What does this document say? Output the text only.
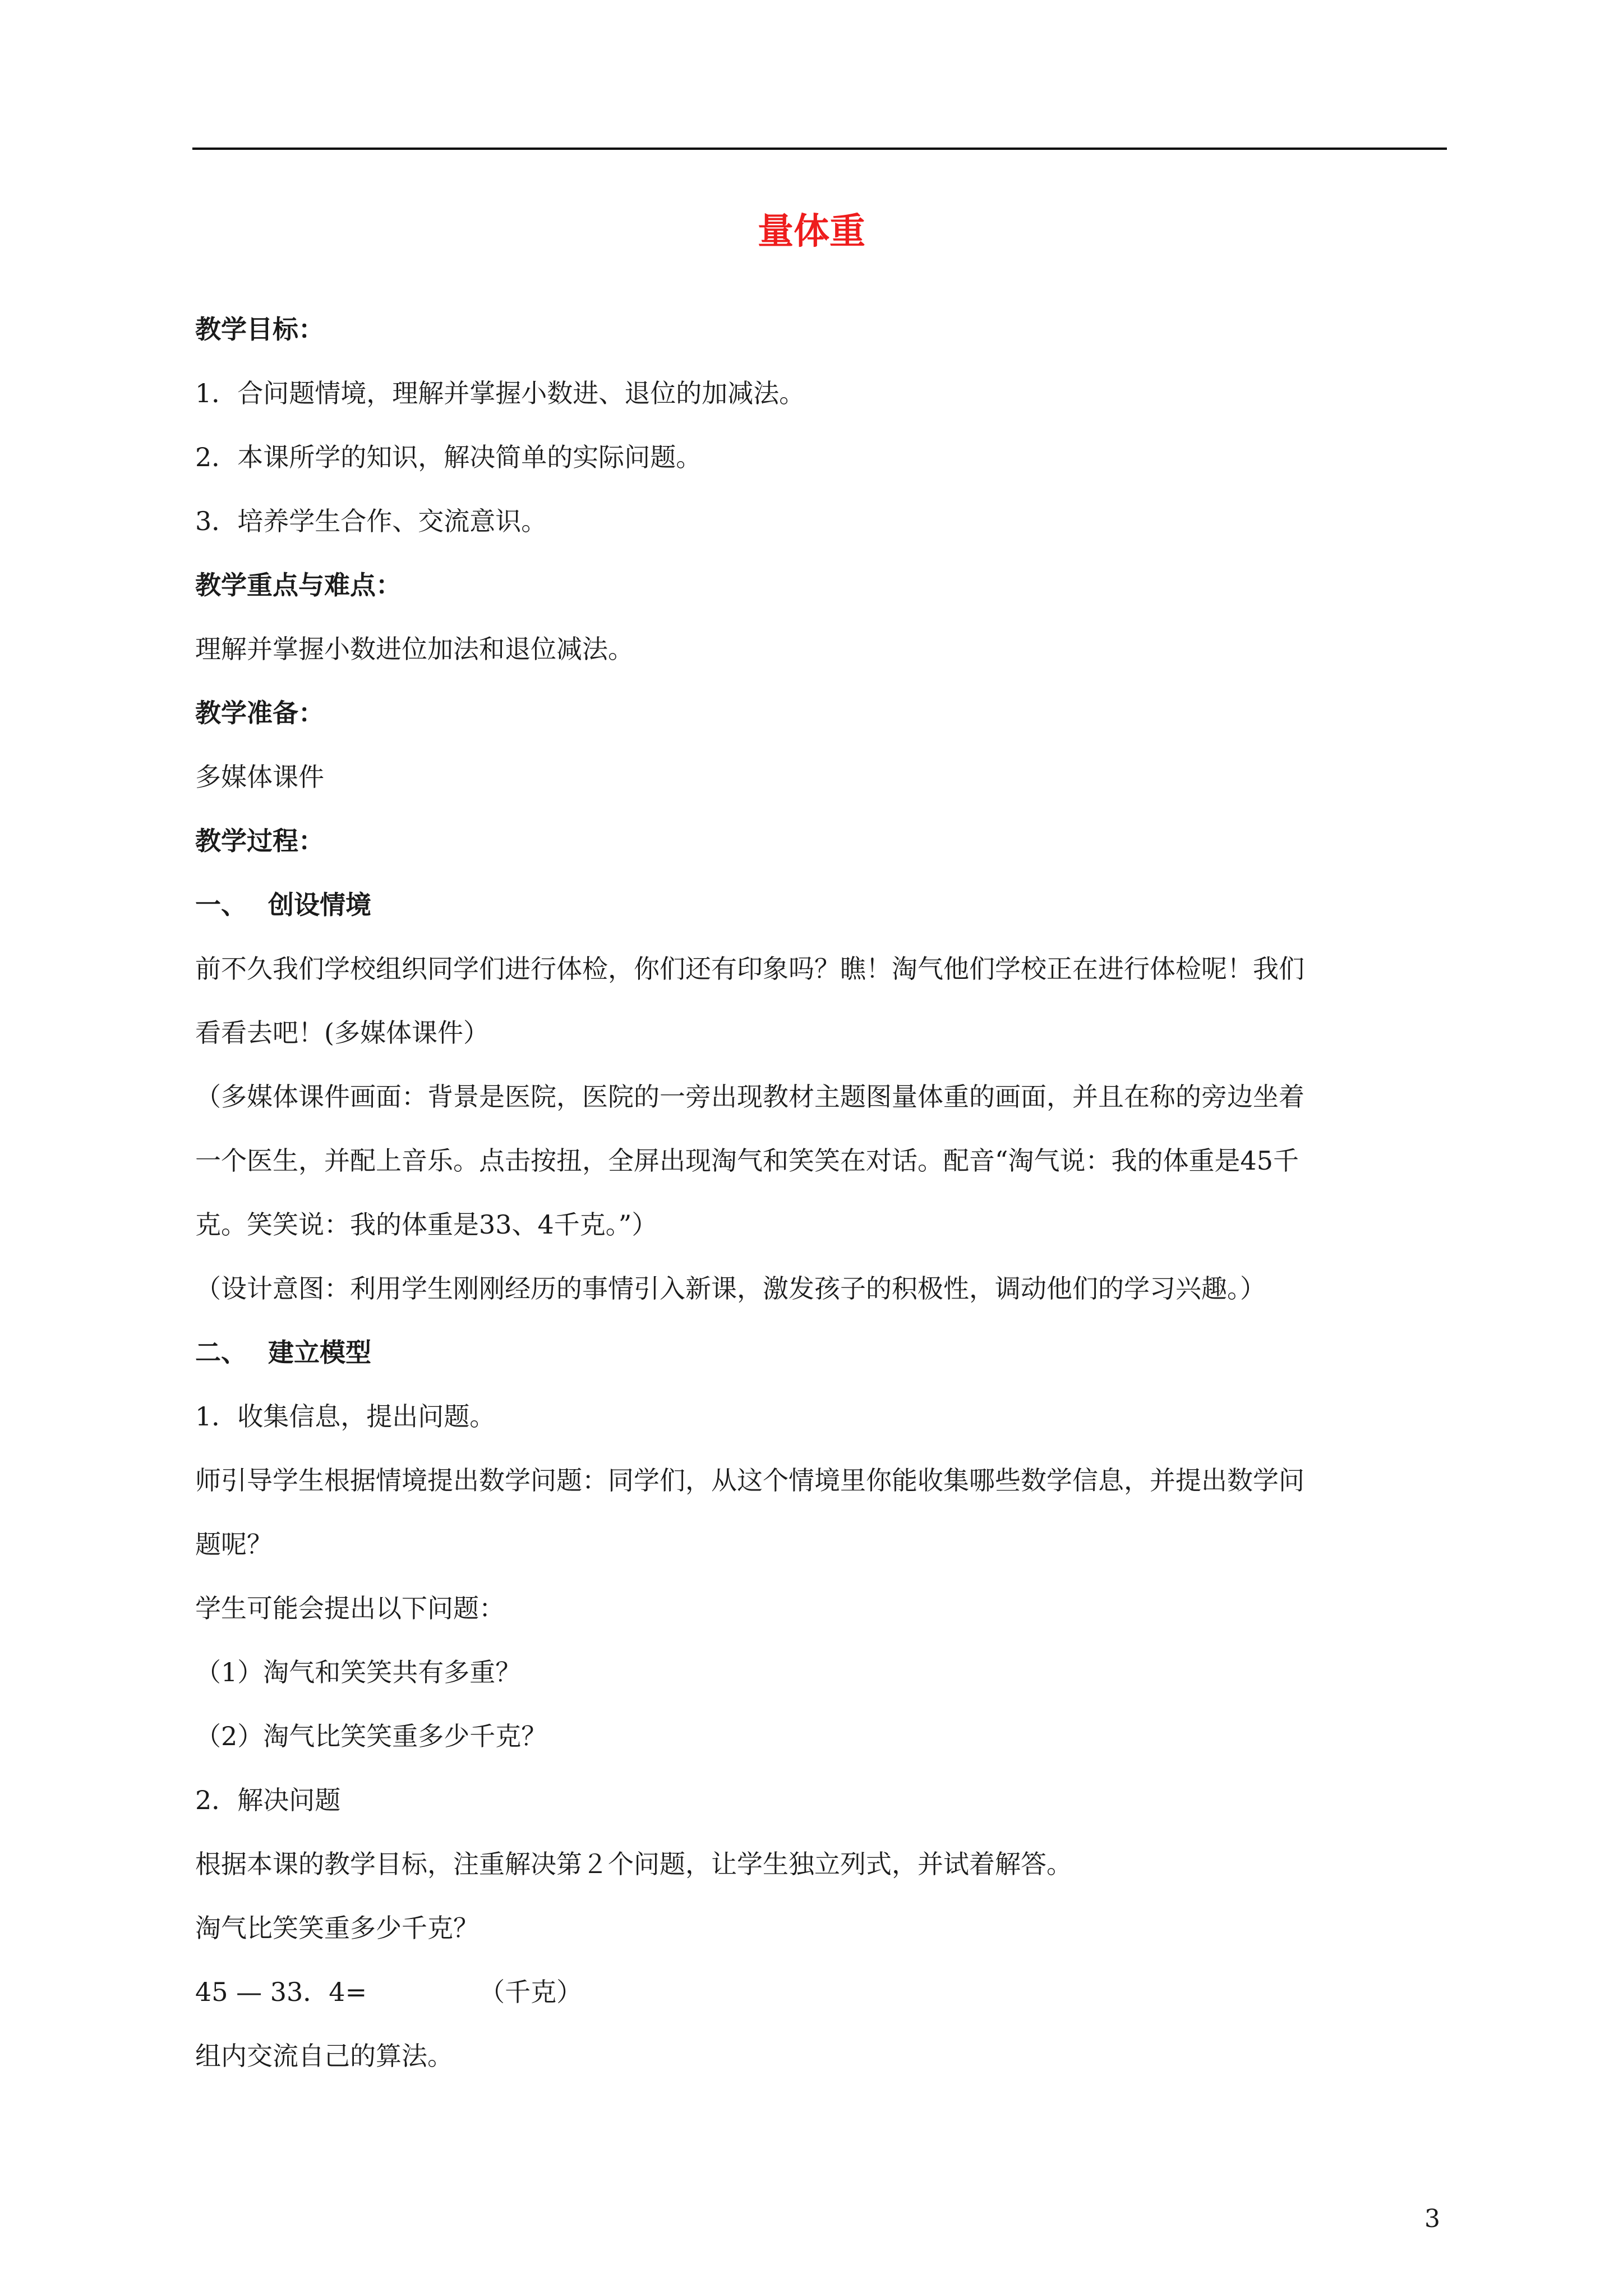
量体重

教学目标：

1．合问题情境，理解并掌握小数进、退位的加减法。

2．本课所学的知识，解决简单的实际问题。

3．培养学生合作、交流意识。

教学重点与难点：

理解并掌握小数进位加法和退位减法。

教学准备：

多媒体课件

教学过程：

一、 创设情境

前不久我们学校组织同学们进行体检，你们还有印象吗？瞧！淘气他们学校正在进行体检呢！我们

看看去吧！(多媒体课件）

（多媒体课件画面：背景是医院，医院的一旁出现教材主题图量体重的画面，并且在称的旁边坐着

一个医生，并配上音乐。点击按扭，全屏出现淘气和笑笑在对话。配音“淘气说：我的体重是45千

克。笑笑说：我的体重是33、4千克。”）

（设计意图：利用学生刚刚经历的事情引入新课，激发孩子的积极性，调动他们的学习兴趣。）

二、 建立模型

1．收集信息，提出问题。

师引导学生根据情境提出数学问题：同学们，从这个情境里你能收集哪些数学信息，并提出数学问

题呢？

学生可能会提出以下问题：

（1）淘气和笑笑共有多重？

（2）淘气比笑笑重多少千克？

2．解决问题

根据本课的教学目标，注重解决第２个问题，让学生独立列式，并试着解答。

淘气比笑笑重多少千克？

45 — 33．4=	（千克）

组内交流自己的算法。

3
